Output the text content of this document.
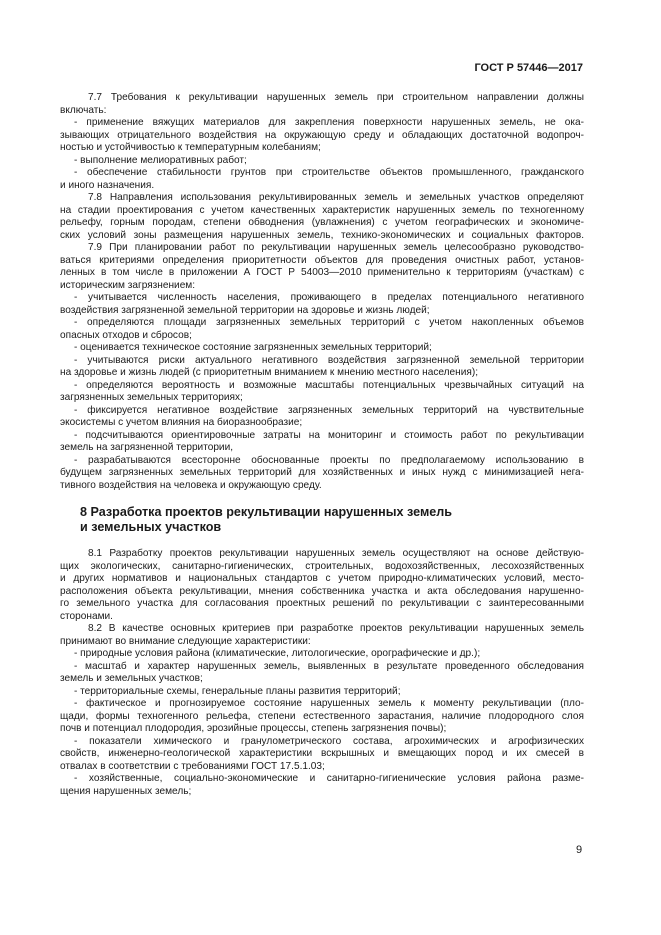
ГОСТ Р 57446—2017
7.7 Требования к рекультивации нарушенных земель при строительном направлении должны
включать:
- применение вяжущих материалов для закрепления поверхности нарушенных земель, не ока-
зывающих отрицательного воздействия на окружающую среду и обладающих достаточной водопроч-
ностью и устойчивостью к температурным колебаниям;
- выполнение мелиоративных работ;
- обеспечение стабильности грунтов при строительстве объектов промышленного, гражданского
и иного назначения.
7.8 Направления использования рекультивированных земель и земельных участков определяют
на стадии проектирования с учетом качественных характеристик нарушенных земель по техногенному
рельефу, горным породам, степени обводнения (увлажнения) с учетом географических и экономиче-
ских условий зоны размещения нарушенных земель, технико-экономических и социальных факторов.
7.9 При планировании работ по рекультивации нарушенных земель целесообразно руководство-
ваться критериями определения приоритетности объектов для проведения очистных работ, установ-
ленных в том числе в приложении А ГОСТ Р 54003—2010 применительно к территориям (участкам) с
историческим загрязнением:
- учитывается численность населения, проживающего в пределах потенциального негативного
воздействия загрязненной земельной территории на здоровье и жизнь людей;
- определяются площади загрязненных земельных территорий с учетом накопленных объемов
опасных отходов и сбросов;
- оценивается техническое состояние загрязненных земельных территорий;
- учитываются риски актуального негативного воздействия загрязненной земельной территории
на здоровье и жизнь людей (с приоритетным вниманием к мнению местного населения);
- определяются вероятность и возможные масштабы потенциальных чрезвычайных ситуаций на
загрязненных земельных территориях;
- фиксируется негативное воздействие загрязненных земельных территорий на чувствительные
экосистемы с учетом влияния на биоразнообразие;
- подсчитываются ориентировочные затраты на мониторинг и стоимость работ по рекультивации
земель на загрязненной территории,
- разрабатываются всесторонне обоснованные проекты по предполагаемому использованию в
будущем загрязненных земельных территорий для хозяйственных и иных нужд с минимизацией нега-
тивного воздействия на человека и окружающую среду.
8 Разработка проектов рекультивации нарушенных земель
и земельных участков
8.1 Разработку проектов рекультивации нарушенных земель осуществляют на основе действую-
щих экологических, санитарно-гигиенических, строительных, водохозяйственных, лесохозяйственных
и других нормативов и национальных стандартов с учетом природно-климатических условий, место-
расположения объекта рекультивации, мнения собственника участка и акта обследования нарушенно-
го земельного участка для согласования проектных решений по рекультивации с заинтересованными
сторонами.
8.2 В качестве основных критериев при разработке проектов рекультивации нарушенных земель
принимают во внимание следующие характеристики:
- природные условия района (климатические, литологические, орографические и др.);
- масштаб и характер нарушенных земель, выявленных в результате проведенного обследования
земель и земельных участков;
- территориальные схемы, генеральные планы развития территорий;
- фактическое и прогнозируемое состояние нарушенных земель к моменту рекультивации (пло-
щади, формы техногенного рельефа, степени естественного зарастания, наличие плодородного слоя
почв и потенциал плодородия, эрозийные процессы, степень загрязнения почвы);
- показатели химического и гранулометрического состава, агрохимических и агрофизических
свойств, инженерно-геологической характеристики вскрышных и вмещающих пород и их смесей в
отвалах в соответствии с требованиями ГОСТ 17.5.1.03;
- хозяйственные, социально-экономические и санитарно-гигиенические условия района разме-
щения нарушенных земель;
9
